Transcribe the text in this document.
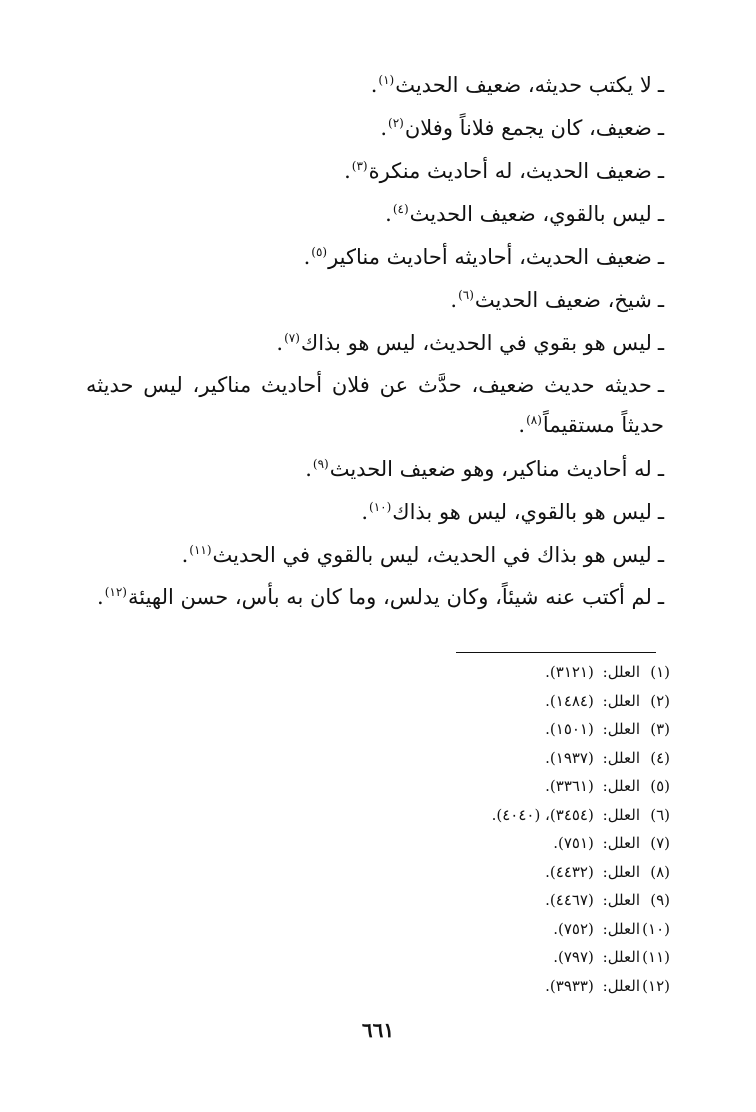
ـلا يكتب حديثه، ضعيف الحديث$^{(١)}$.
ـضعيف، كان يجمع فلاناً وفلان$^{(٢)}$.
ـضعيف الحديث، له أحاديث منكرة$^{(٣)}$.
ـليس بالقوي، ضعيف الحديث$^{(٤)}$.
ـضعيف الحديث، أحاديثه أحاديث مناكير$^{(٥)}$.
ـشيخ، ضعيف الحديث$^{(٦)}$.
ـليس هو بقوي في الحديث، ليس هو بذاك$^{(٧)}$.
ـحديثه حديث ضعيف، حدَّث عن فلان أحاديث مناكير، ليس حديثه حديثاً مستقيماً$^{(٨)}$.
ـله أحاديث مناكير، وهو ضعيف الحديث$^{(٩)}$.
ـليس هو بالقوي، ليس هو بذاك$^{(١٠)}$.
ـليس هو بذاك في الحديث، ليس بالقوي في الحديث$^{(١١)}$.
ـلم أكتب عنه شيئاً، وكان يدلس، وما كان به بأس، حسن الهيئة$^{(١٢)}$.
(١)العلل: (٣١٢١).
(٢)العلل: (١٤٨٤).
(٣)العلل: (١٥٠١).
(٤)العلل: (١٩٣٧).
(٥)العلل: (٣٣٦١).
(٦)العلل: (٣٤٥٤)، (٤٠٤٠).
(٧)العلل: (٧٥١).
(٨)العلل: (٤٤٣٢).
(٩)العلل: (٤٤٦٧).
(١٠)العلل: (٧٥٢).
(١١)العلل: (٧٩٧).
(١٢)العلل: (٣٩٣٣).
٦٦١
